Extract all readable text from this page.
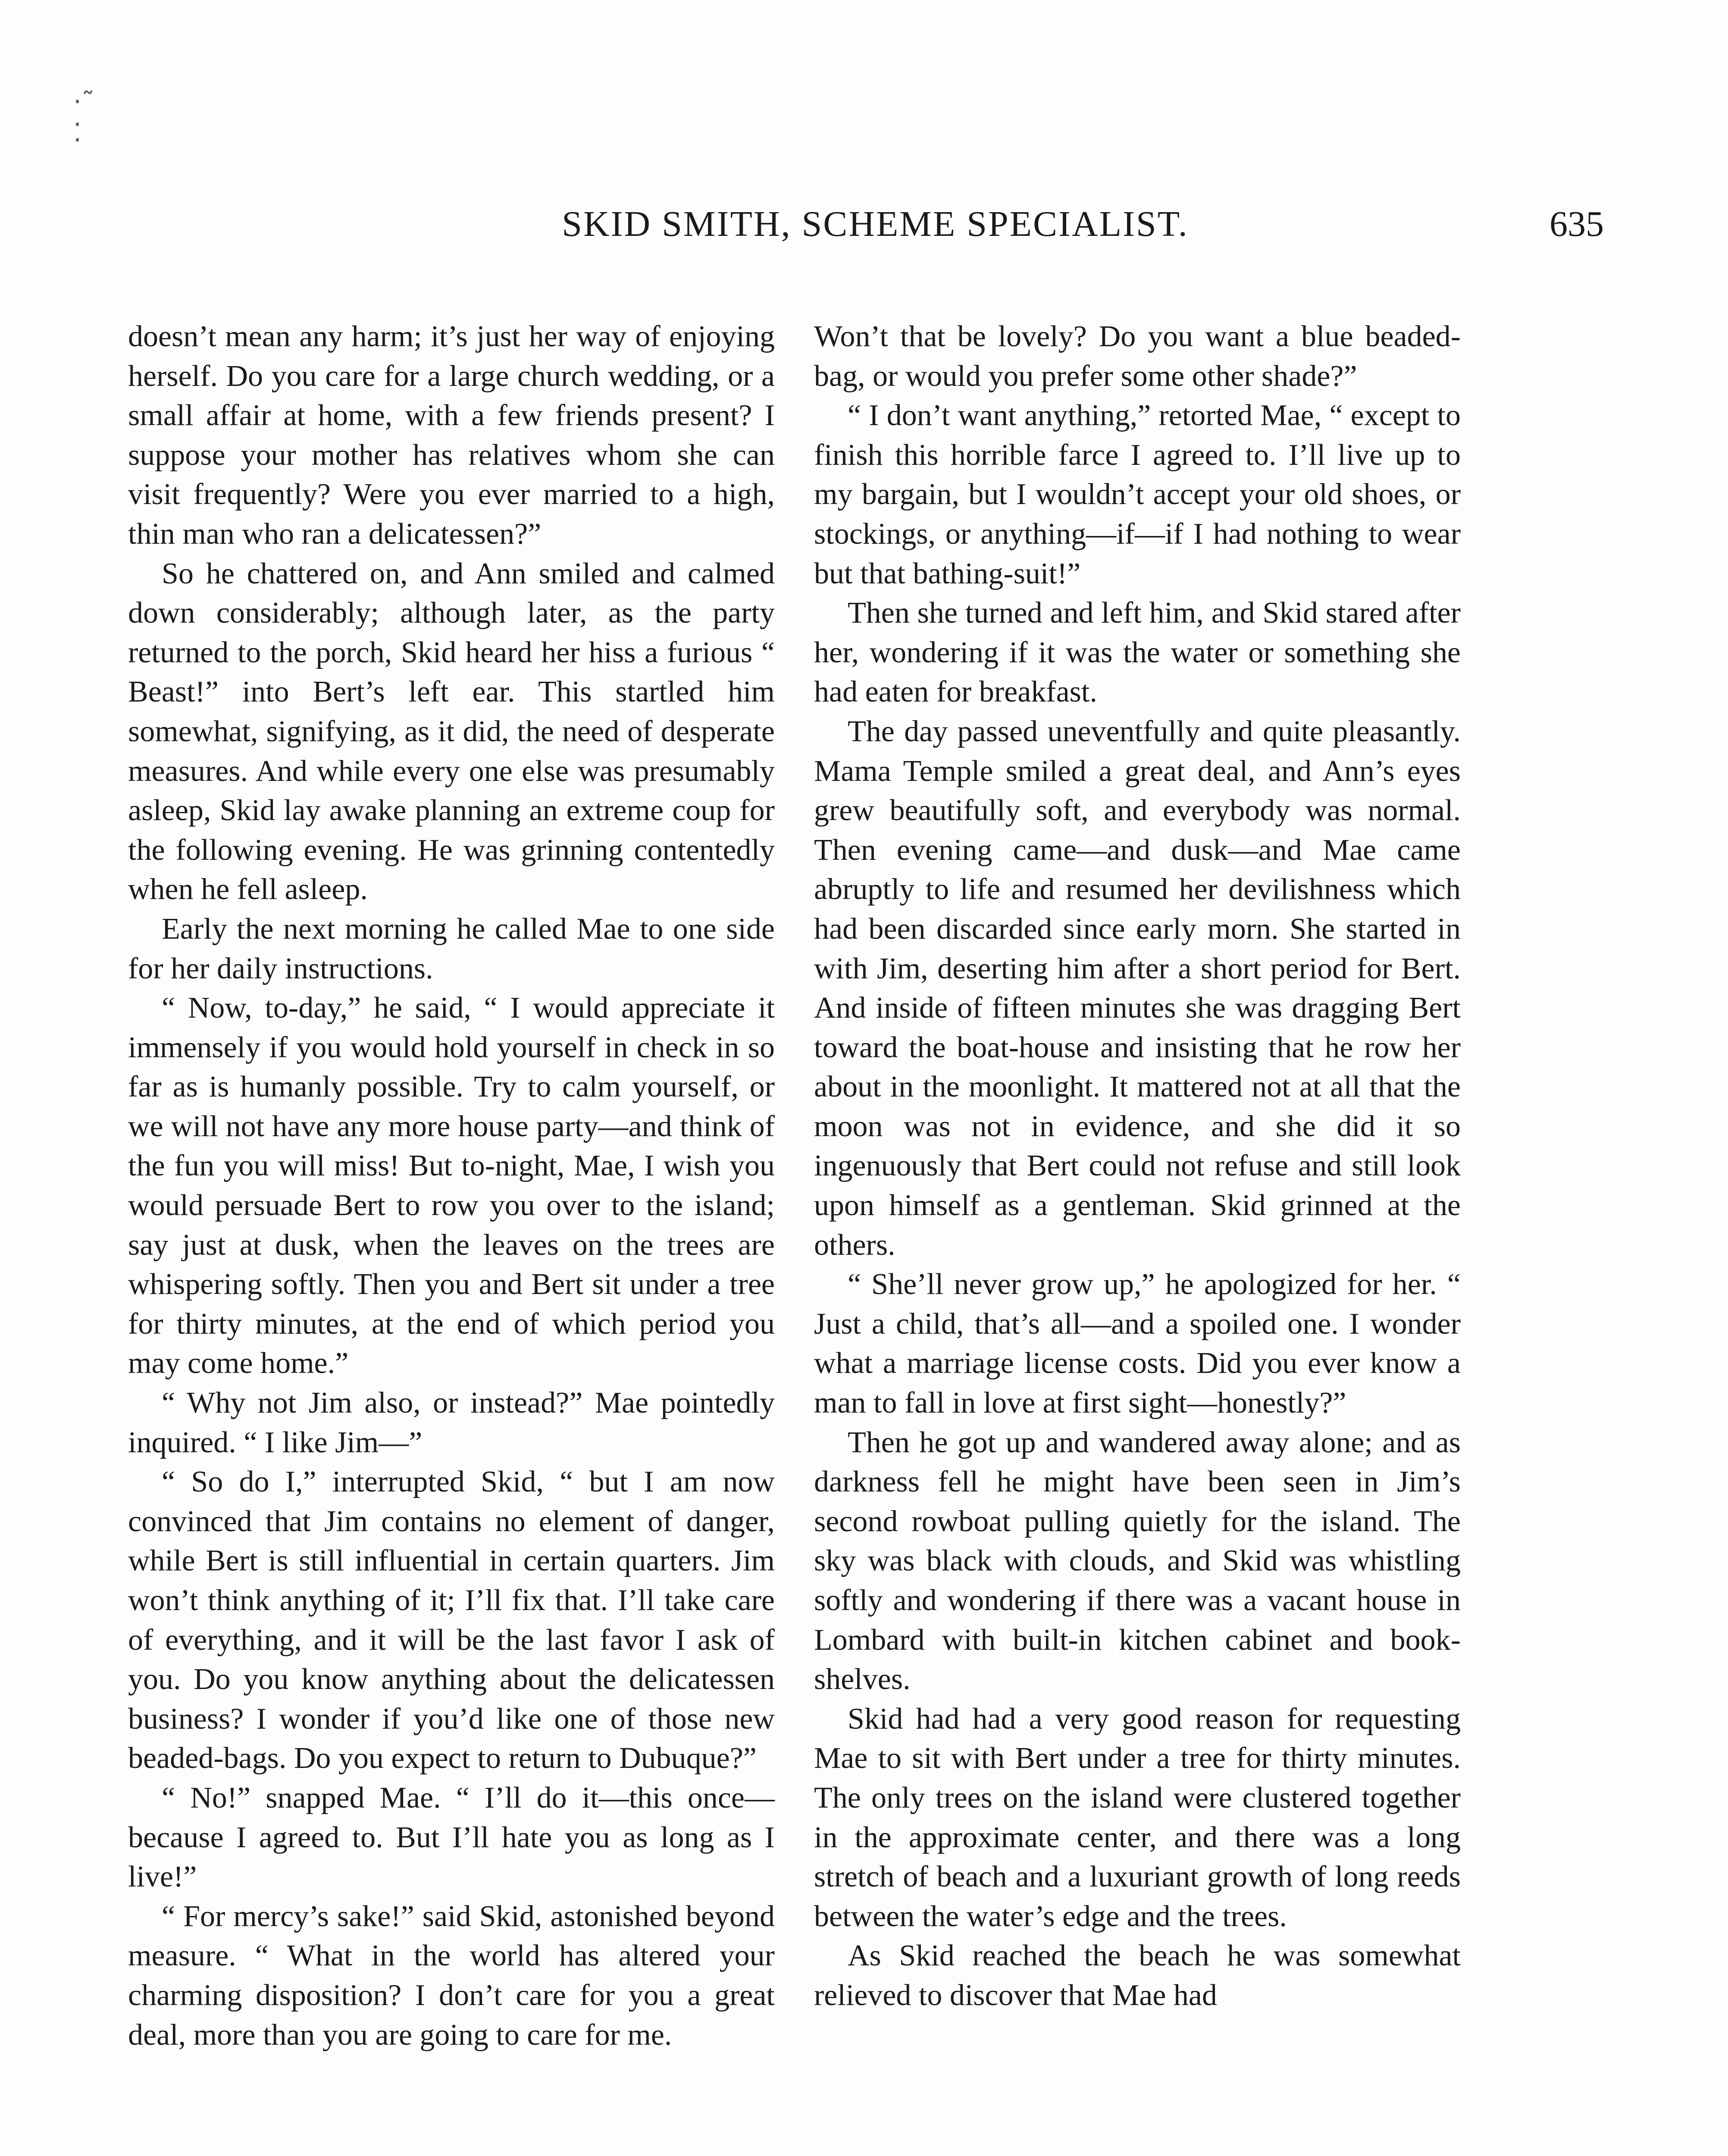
·˜
⁚
SKID SMITH, SCHEME SPECIALIST.	635

doesn’t mean any harm; it’s just her way of enjoying herself. Do you care for a large church wedding, or a small affair at home, with a few friends present? I suppose your mother has relatives whom she can visit frequently? Were you ever married to a high, thin man who ran a delicatessen?”

So he chattered on, and Ann smiled and calmed down considerably; although later, as the party returned to the porch, Skid heard her hiss a furious “ Beast!” into Bert’s left ear. This startled him somewhat, signifying, as it did, the need of desperate measures. And while every one else was presumably asleep, Skid lay awake planning an extreme coup for the following evening. He was grinning contentedly when he fell asleep.

Early the next morning he called Mae to one side for her daily instructions.

“ Now, to-day,” he said, “ I would appreciate it immensely if you would hold yourself in check in so far as is humanly possible. Try to calm yourself, or we will not have any more house party—and think of the fun you will miss! But to-night, Mae, I wish you would persuade Bert to row you over to the island; say just at dusk, when the leaves on the trees are whispering softly. Then you and Bert sit under a tree for thirty minutes, at the end of which period you may come home.”

“ Why not Jim also, or instead?” Mae pointedly inquired. “ I like Jim—”

“ So do I,” interrupted Skid, “ but I am now convinced that Jim contains no element of danger, while Bert is still influential in certain quarters. Jim won’t think anything of it; I’ll fix that. I’ll take care of everything, and it will be the last favor I ask of you. Do you know anything about the delicatessen business? I wonder if you’d like one of those new beaded-bags. Do you expect to return to Dubuque?”

“ No!” snapped Mae. “ I’ll do it—this once—because I agreed to. But I’ll hate you as long as I live!”

“ For mercy’s sake!” said Skid, astonished beyond measure. “ What in the world has altered your charming disposition? I don’t care for you a great deal, more than you are going to care for me.

Won’t that be lovely? Do you want a blue beaded-bag, or would you prefer some other shade?”

“ I don’t want anything,” retorted Mae, “ except to finish this horrible farce I agreed to. I’ll live up to my bargain, but I wouldn’t accept your old shoes, or stockings, or anything—if—if I had nothing to wear but that bathing-suit!”

Then she turned and left him, and Skid stared after her, wondering if it was the water or something she had eaten for breakfast.

The day passed uneventfully and quite pleasantly. Mama Temple smiled a great deal, and Ann’s eyes grew beautifully soft, and everybody was normal. Then evening came—and dusk—and Mae came abruptly to life and resumed her devilishness which had been discarded since early morn. She started in with Jim, deserting him after a short period for Bert. And inside of fifteen minutes she was dragging Bert toward the boat-house and insisting that he row her about in the moonlight. It mattered not at all that the moon was not in evidence, and she did it so ingenuously that Bert could not refuse and still look upon himself as a gentleman. Skid grinned at the others.

“ She’ll never grow up,” he apologized for her. “ Just a child, that’s all—and a spoiled one. I wonder what a marriage license costs. Did you ever know a man to fall in love at first sight—honestly?”

Then he got up and wandered away alone; and as darkness fell he might have been seen in Jim’s second rowboat pulling quietly for the island. The sky was black with clouds, and Skid was whistling softly and wondering if there was a vacant house in Lombard with built-in kitchen cabinet and book-shelves.

Skid had had a very good reason for requesting Mae to sit with Bert under a tree for thirty minutes. The only trees on the island were clustered together in the approximate center, and there was a long stretch of beach and a luxuriant growth of long reeds between the water’s edge and the trees.

As Skid reached the beach he was somewhat relieved to discover that Mae had
